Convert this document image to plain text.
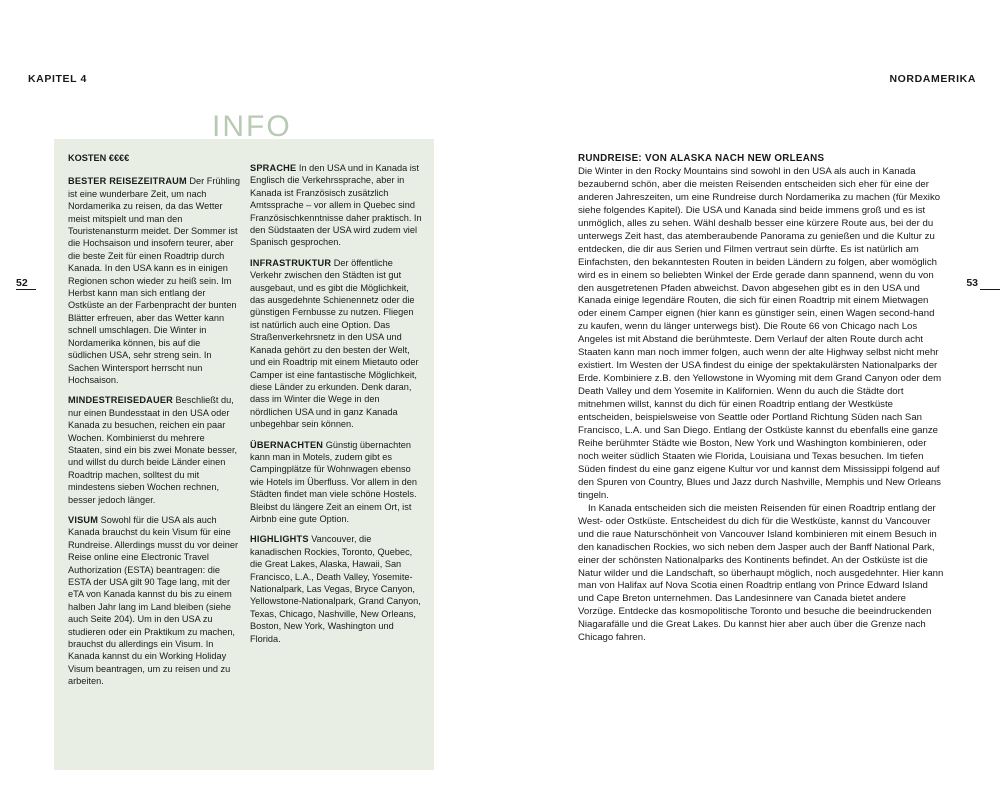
KAPITEL 4	NORDAMERIKA
52	53
INFO
KOSTEN €€€€

BESTER REISEZEITRAUM Der Frühling ist eine wunderbare Zeit, um nach Nordamerika zu reisen, da das Wetter meist mitspielt und man den Touristenansturm meidet. Der Sommer ist die Hochsaison und insofern teurer, aber die beste Zeit für einen Roadtrip durch Kanada. In den USA kann es in einigen Regionen schon wieder zu heiß sein. Im Herbst kann man sich entlang der Ostküste an der Farbenpracht der bunten Blätter erfreuen, aber das Wetter kann schnell umschlagen. Die Winter in Nordamerika können, bis auf die südlichen USA, sehr streng sein. In Sachen Wintersport herrscht nun Hochsaison.

MINDESTREISEDAUER Beschließt du, nur einen Bundesstaat in den USA oder Kanada zu besuchen, reichen ein paar Wochen. Kombinierst du mehrere Staaten, sind ein bis zwei Monate besser, und willst du durch beide Länder einen Roadtrip machen, solltest du mit mindestens sieben Wochen rechnen, besser jedoch länger.

VISUM Sowohl für die USA als auch Kanada brauchst du kein Visum für eine Rundreise. Allerdings musst du vor deiner Reise online eine Electronic Travel Authorization (ESTA) beantragen: die ESTA der USA gilt 90 Tage lang, mit der eTA von Kanada kannst du bis zu einem halben Jahr lang im Land bleiben (siehe auch Seite 204). Um in den USA zu studieren oder ein Praktikum zu machen, brauchst du allerdings ein Visum. In Kanada kannst du ein Working Holiday Visum beantragen, um zu reisen und zu arbeiten.

SPRACHE In den USA und in Kanada ist Englisch die Verkehrssprache, aber in Kanada ist Französisch zusätzlich Amtssprache – vor allem in Quebec sind Französischkenntnisse daher praktisch. In den Südstaaten der USA wird zudem viel Spanisch gesprochen.

INFRASTRUKTUR Der öffentliche Verkehr zwischen den Städten ist gut ausgebaut, und es gibt die Möglichkeit, das ausgedehnte Schienennetz oder die günstigen Fernbusse zu nutzen. Fliegen ist natürlich auch eine Option. Das Straßenverkehrsnetz in den USA und Kanada gehört zu den besten der Welt, und ein Roadtrip mit einem Mietauto oder Camper ist eine fantastische Möglichkeit, diese Länder zu erkunden. Denk daran, dass im Winter die Wege in den nördlichen USA und in ganz Kanada unbegehbar sein können.

ÜBERNACHTEN Günstig übernachten kann man in Motels, zudem gibt es Campingplätze für Wohnwagen ebenso wie Hotels im Überfluss. Vor allem in den Städten findet man viele schöne Hostels. Bleibst du längere Zeit an einem Ort, ist Airbnb eine gute Option.

HIGHLIGHTS Vancouver, die kanadischen Rockies, Toronto, Quebec, die Great Lakes, Alaska, Hawaii, San Francisco, L.A., Death Valley, Yosemite-Nationalpark, Las Vegas, Bryce Canyon, Yellowstone-Nationalpark, Grand Canyon, Texas, Chicago, Nashville, New Orleans, Boston, New York, Washington und Florida.

RUNDREISE: VON ALASKA NACH NEW ORLEANS

Die Winter in den Rocky Mountains sind sowohl in den USA als auch in Kanada bezaubernd schön, aber die meisten Reisenden entscheiden sich eher für eine der anderen Jahreszeiten, um eine Rundreise durch Nordamerika zu machen (für Mexiko siehe folgendes Kapitel). Die USA und Kanada sind beide immens groß und es ist unmöglich, alles zu sehen. Wähl deshalb besser eine kürzere Route aus, bei der du unterwegs Zeit hast, das atemberaubende Panorama zu genießen und die Kultur zu entdecken, die dir aus Serien und Filmen vertraut sein dürfte. Es ist natürlich am Einfachsten, den bekanntesten Routen in beiden Ländern zu folgen, aber womöglich wird es in einem so beliebten Winkel der Erde gerade dann spannend, wenn du von den ausgetretenen Pfaden abweichst. Davon abgesehen gibt es in den USA und Kanada einige legendäre Routen, die sich für einen Roadtrip mit einem Mietwagen oder einem Camper eignen (hier kann es günstiger sein, einen Wagen second-hand zu kaufen, wenn du länger unterwegs bist). Die Route 66 von Chicago nach Los Angeles ist mit Abstand die berühmteste. Dem Verlauf der alten Route durch acht Staaten kann man noch immer folgen, auch wenn der alte Highway selbst nicht mehr existiert. Im Westen der USA findest du einige der spektakulärsten Nationalparks der Erde. Kombiniere z.B. den Yellowstone in Wyoming mit dem Grand Canyon oder dem Death Valley und dem Yosemite in Kalifornien. Wenn du auch die Städte dort mitnehmen willst, kannst du dich für einen Roadtrip entlang der Westküste entscheiden, beispielsweise von Seattle oder Portland Richtung Süden nach San Francisco, L.A. und San Diego. Entlang der Ostküste kannst du ebenfalls eine ganze Reihe berühmter Städte wie Boston, New York und Washington kombinieren, oder noch weiter südlich Staaten wie Florida, Louisiana und Texas besuchen. Im tiefen Süden findest du eine ganz eigene Kultur vor und kannst dem Mississippi folgend auf den Spuren von Country, Blues und Jazz durch Nashville, Memphis und New Orleans tingeln.

In Kanada entscheiden sich die meisten Reisenden für einen Roadtrip entlang der West- oder Ostküste. Entscheidest du dich für die Westküste, kannst du Vancouver und die raue Naturschönheit von Vancouver Island kombinieren mit einem Besuch in den kanadischen Rockies, wo sich neben dem Jasper auch der Banff National Park, einer der schönsten Nationalparks des Kontinents befindet. An der Ostküste ist die Natur wilder und die Landschaft, so überhaupt möglich, noch ausgedehnter. Hier kann man von Halifax auf Nova Scotia einen Roadtrip entlang von Prince Edward Island und Cape Breton unternehmen. Das Landesinnere van Canada bietet andere Vorzüge. Entdecke das kosmopolitische Toronto und besuche die beeindruckenden Niagarafälle und die Great Lakes. Du kannst hier aber auch über die Grenze nach Chicago fahren.
